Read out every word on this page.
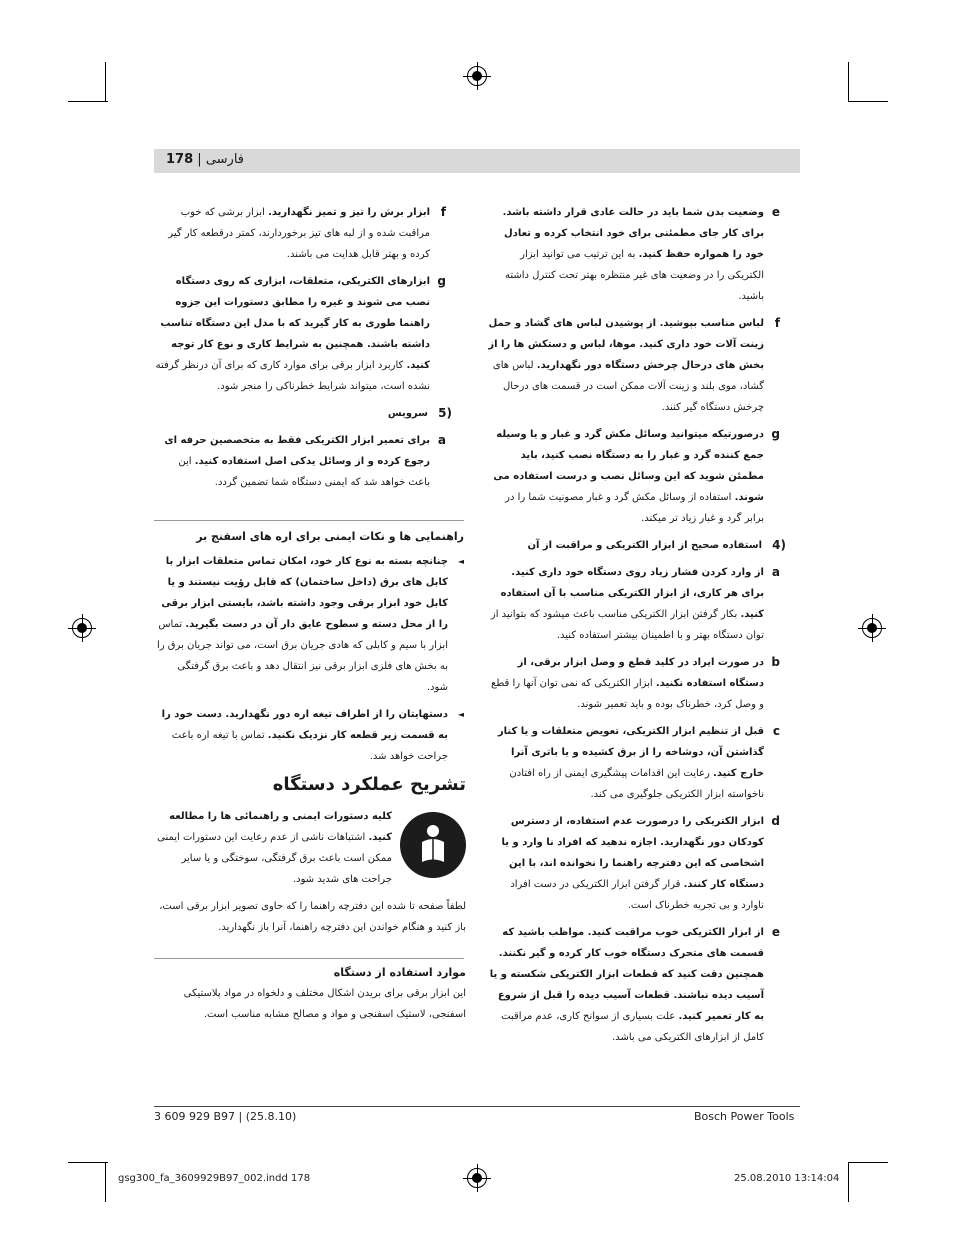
178 | فارسی
e
وضعیت بدن شما باید در حالت عادی قرار داشته باشد. برای کار جای مطمئنی برای خود انتخاب کرده و تعادل خود را همواره حفظ کنید. به این ترتیب می توانید ابزار الکتریکی را در وضعیت های غیر منتظره بهتر تحت کنترل داشته باشید.
f
لباس مناسب بپوشید. از پوشیدن لباس های گشاد و حمل زینت آلات خود داری کنید. موها، لباس و دستکش ها را از بخش های درحال چرخش دستگاه دور نگهدارید. لباس های گشاد، موی بلند و زینت آلات ممکن است در قسمت های درحال چرخش دستگاه گیر کنند.
g
درصورتیکه میتوانید وسائل مکش گرد و غبار و یا وسیله جمع کننده گرد و غبار را به دستگاه نصب کنید، باید مطمئن شوید که این وسائل نصب و درست استفاده می شوند. استفاده از وسائل مکش گرد و غبار مصونیت شما را در برابر گرد و غبار زیاد تر میکند.
4)
استفاده صحیح از ابزار الکتریکی و مراقبت از آن
a
از وارد کردن فشار زیاد روی دستگاه خود داری کنید. برای هر کاری، از ابزار الکتریکی مناسب با آن استفاده کنید. بکار گرفتن ابزار الکتریکی مناسب باعث میشود که بتوانید از توان دستگاه بهتر و با اطمینان بیشتر استفاده کنید.
b
در صورت ایراد در کلید قطع و وصل ابزار برقی، از دستگاه استفاده نکنید. ابزار الکتریکی که نمی توان آنها را قطع و وصل کرد، خطرناک بوده و باید تعمیر شوند.
c
قبل از تنظیم ابزار الکتریکی، تعویض متعلقات و یا کنار گذاشتن آن، دوشاخه را از برق کشیده و یا باتری آنرا خارج کنید. رعایت این اقدامات پیشگیری ایمنی از راه افتادن ناخواسته ابزار الکتریکی جلوگیری می کند.
d
ابزار الکتریکی را درصورت عدم استفاده، از دسترس کودکان دور نگهدارید. اجازه ندهید که افراد نا وارد و یا اشخاصی که این دفترچه راهنما را نخوانده اند، با این دستگاه کار کنند. قرار گرفتن ابزار الکتریکی در دست افراد ناوارد و بی تجربه خطرناک است.
e
از ابزار الکتریکی خوب مراقبت کنید. مواظب باشید که قسمت های متحرک دستگاه خوب کار کرده و گیر نکنند. همچنین دقت کنید که قطعات ابزار الکتریکی شکسته و یا آسیب دیده نباشند. قطعات آسیب دیده را قبل از شروع به کار تعمیر کنید. علت بسیاری از سوانح کاری، عدم مراقبت کامل از ابزارهای الکتریکی می باشد.
f
ابزار برش را تیز و تمیز نگهدارید. ابزار برشی که خوب مراقبت شده و از لبه های تیز برخوردارند، کمتر درقطعه کار گیر کرده و بهتر قابل هدایت می باشند.
g
ابزارهای الکتریکی، متعلقات، ابزاری که روی دستگاه نصب می شوند و غیره را مطابق دستورات این جزوه راهنما طوری به کار گیرید که با مدل این دستگاه تناسب داشته باشند. همچنین به شرایط کاری و نوع کار توجه کنید. کاربرد ابزار برقی برای موارد کاری که برای آن درنظر گرفته نشده است، میتواند شرایط خطرناکی را منجر شود.
5)
سرویس
a
برای تعمیر ابزار الکتریکی فقط به متخصصین حرفه ای رجوع کرده و از وسائل یدکی اصل استفاده کنید. این باعث خواهد شد که ایمنی دستگاه شما تضمین گردد.
راهنمایی ها و نکات ایمنی برای اره های اسفنج بر
◄
چنانچه بسته به نوع کار خود، امکان تماس متعلقات ابزار با کابل های برق (داخل ساختمان) که قابل رؤیت نیستند و یا کابل خود ابزار برقی وجود داشته باشد، بایستی ابزار برقی را از محل دسته و سطوح عایق دار آن در دست بگیرید. تماس ابزار با سیم و کابلی که هادی جریان برق است، می تواند جریان برق را به بخش های فلزی ابزار برقی نیز انتقال دهد و باعث برق گرفتگی شود.
◄
دستهایتان را از اطراف تیغه اره دور نگهدارید. دست خود را به قسمت زیر قطعه کار نزدیک نکنید. تماس با تیغه اره باعث جراحت خواهد شد.
تشریح عملکرد دستگاه
کلیه دستورات ایمنی و راهنمائی ها را مطالعه کنید. اشتباهات ناشی از عدم رعایت این دستورات ایمنی ممکن است باعث برق گرفتگی، سوختگی و یا سایر جراحت های شدید شود.
لطفاً صفحه تا شده این دفترچه راهنما را که حاوی تصویر ابزار برقی است، باز کنید و هنگام خواندن این دفترچه راهنما، آنرا باز نگهدارید.
موارد استفاده از دستگاه
این ابزار برقی برای بریدن اشکال مختلف و دلخواه در مواد پلاستیکی اسفنجی، لاستیک اسفنجی و مواد و مصالح مشابه مناسب است.
3 609 929 B97 | (25.8.10)	Bosch Power Tools
gsg300_fa_3609929B97_002.indd 178	25.08.2010 13:14:04
